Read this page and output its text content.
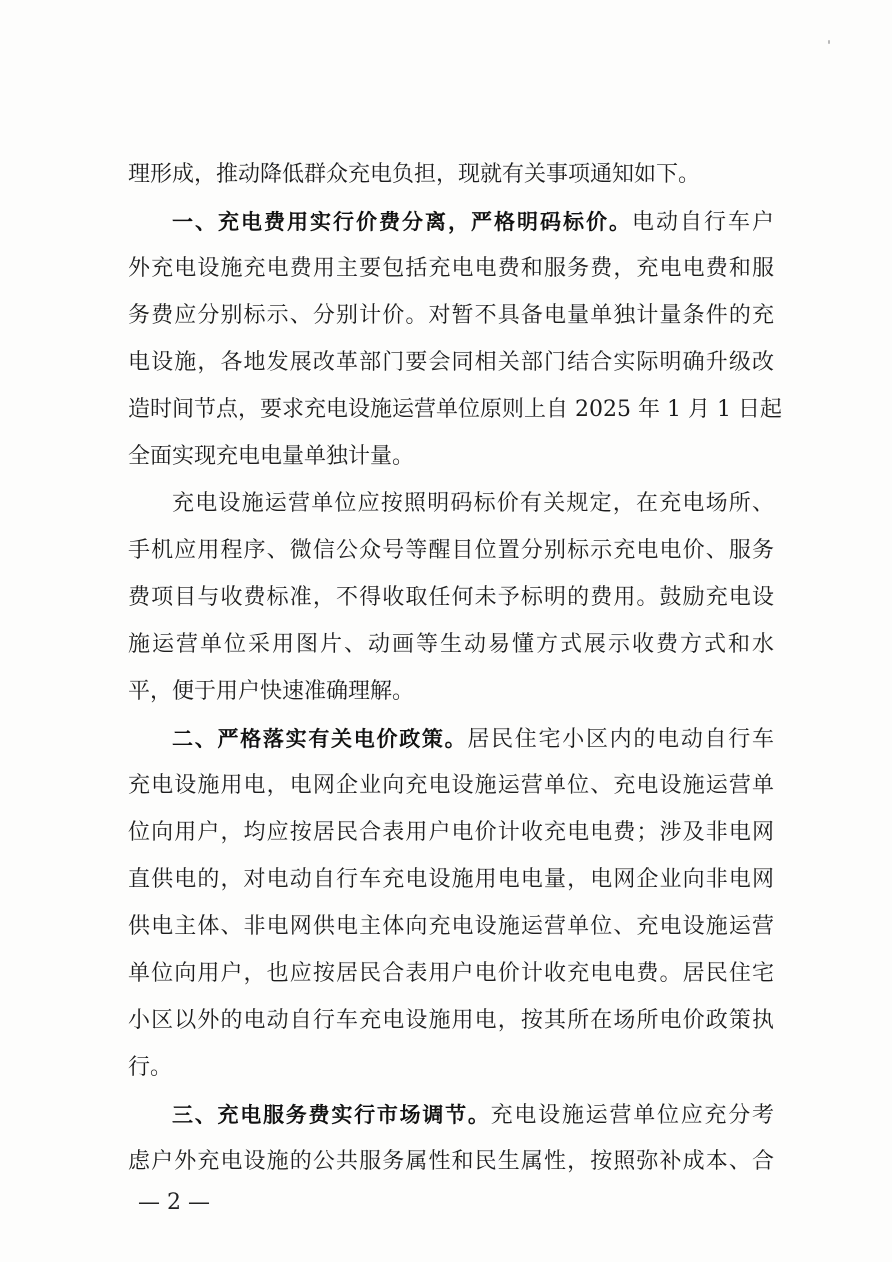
理形成，推动降低群众充电负担，现就有关事项通知如下。
一、充电费用实行价费分离，严格明码标价。电动自行车户
外充电设施充电费用主要包括充电电费和服务费，充电电费和服
务费应分别标示、分别计价。对暂不具备电量单独计量条件的充
电设施，各地发展改革部门要会同相关部门结合实际明确升级改
造时间节点，要求充电设施运营单位原则上自 2025 年 1 月 1 日起
全面实现充电电量单独计量。
充电设施运营单位应按照明码标价有关规定，在充电场所、
手机应用程序、微信公众号等醒目位置分别标示充电电价、服务
费项目与收费标准，不得收取任何未予标明的费用。鼓励充电设
施运营单位采用图片、动画等生动易懂方式展示收费方式和水
平，便于用户快速准确理解。
二、严格落实有关电价政策。居民住宅小区内的电动自行车
充电设施用电，电网企业向充电设施运营单位、充电设施运营单
位向用户，均应按居民合表用户电价计收充电电费；涉及非电网
直供电的，对电动自行车充电设施用电电量，电网企业向非电网
供电主体、非电网供电主体向充电设施运营单位、充电设施运营
单位向用户，也应按居民合表用户电价计收充电电费。居民住宅
小区以外的电动自行车充电设施用电，按其所在场所电价政策执
行。
三、充电服务费实行市场调节。充电设施运营单位应充分考
虑户外充电设施的公共服务属性和民生属性，按照弥补成本、合
— 2 —
